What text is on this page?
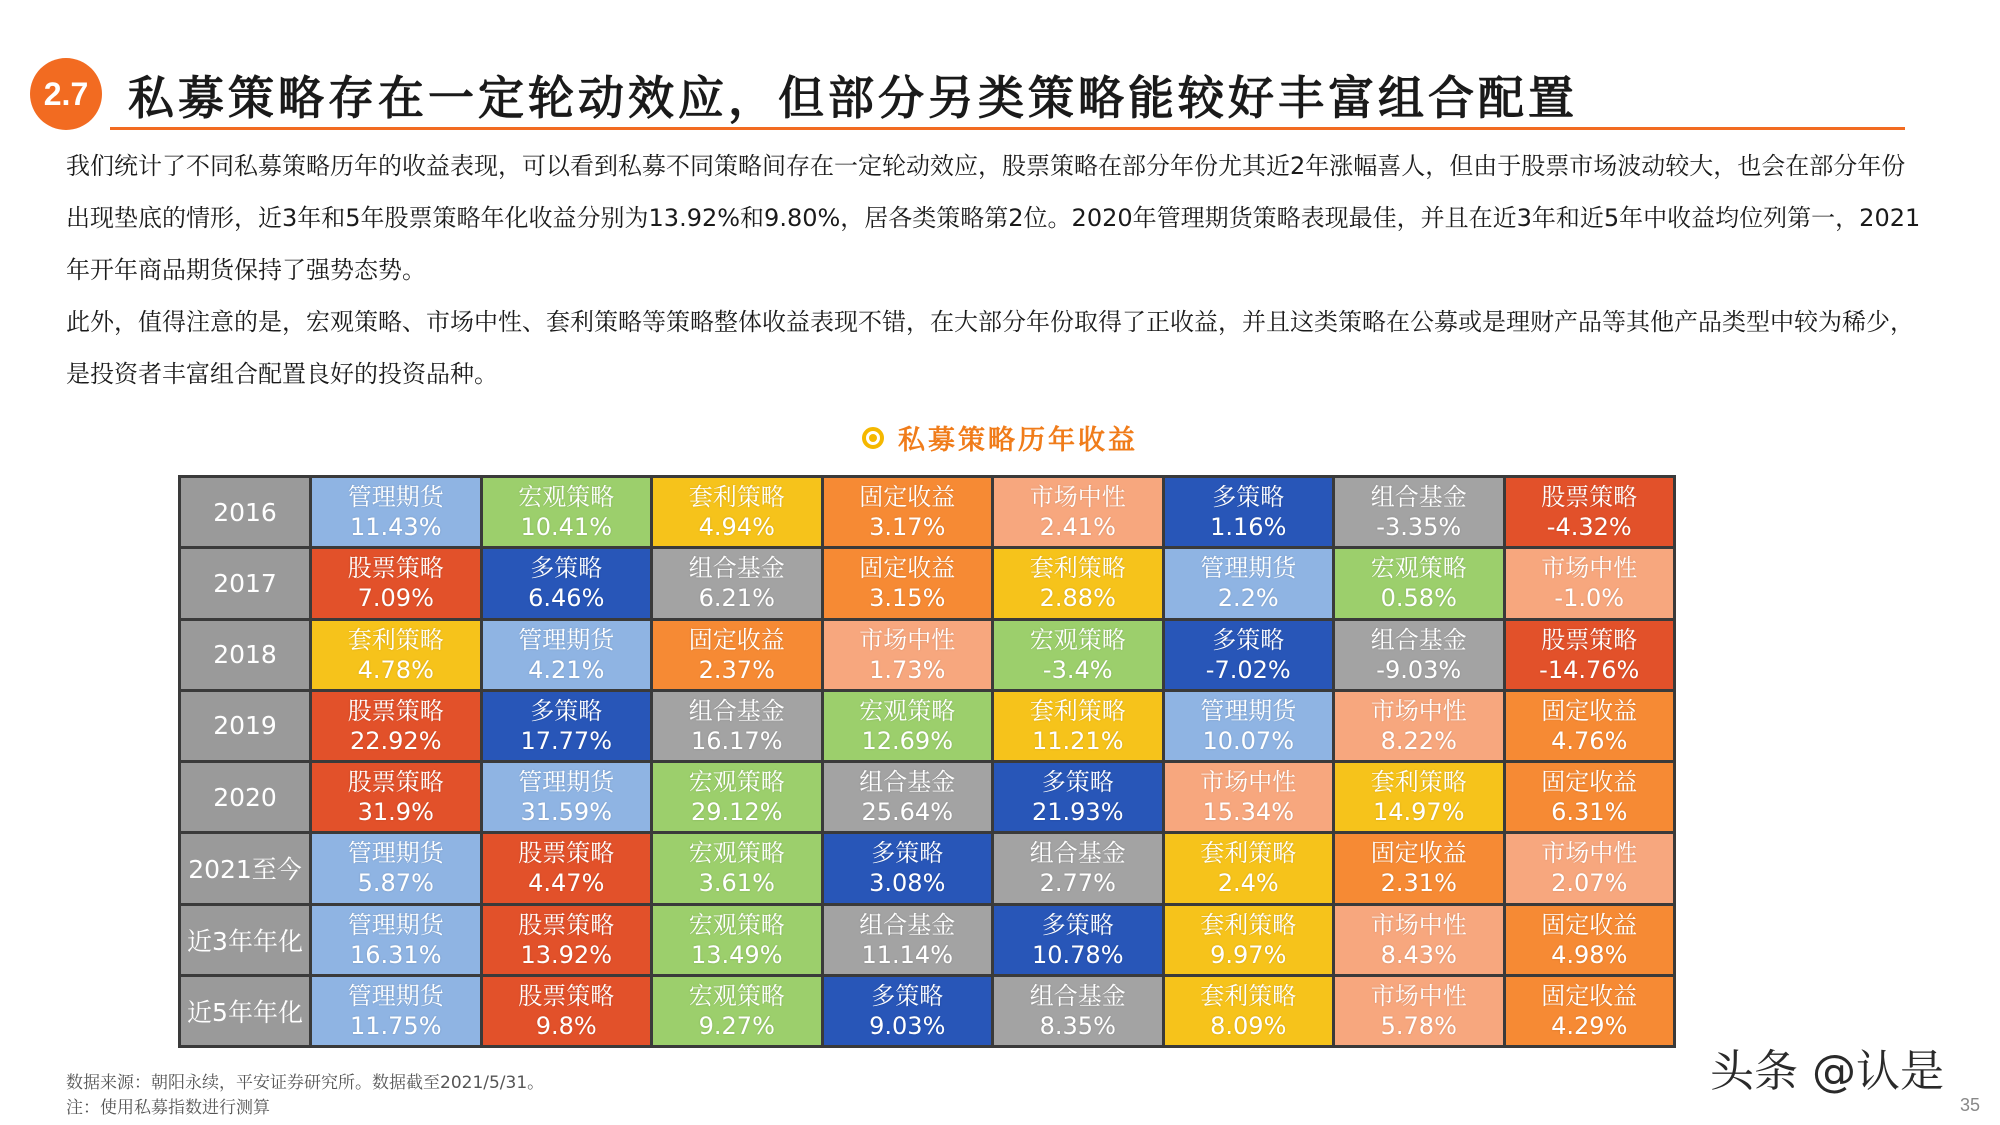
2.7 私募策略存在一定轮动效应，但部分另类策略能较好丰富组合配置

我们统计了不同私募策略历年的收益表现，可以看到私募不同策略间存在一定轮动效应，股票策略在部分年份尤其近2年涨幅喜人，但由于股票市场波动较大，也会在部分年份出现垫底的情形，近3年和5年股票策略年化收益分别为13.92%和9.80%，居各类策略第2位。2020年管理期货策略表现最佳，并且在近3年和近5年中收益均位列第一，2021年开年商品期货保持了强势态势。

此外，值得注意的是，宏观策略、市场中性、套利策略等策略整体收益表现不错，在大部分年份取得了正收益，并且这类策略在公募或是理财产品等其他产品类型中较为稀少，是投资者丰富组合配置良好的投资品种。

私募策略历年收益
2016
管理期货
11.43%
宏观策略
10.41%
套利策略
4.94%
固定收益
3.17%
市场中性
2.41%
多策略
1.16%
组合基金
-3.35%
股票策略
-4.32%
2017
股票策略
7.09%
多策略
6.46%
组合基金
6.21%
固定收益
3.15%
套利策略
2.88%
管理期货
2.2%
宏观策略
0.58%
市场中性
-1.0%
2018
套利策略
4.78%
管理期货
4.21%
固定收益
2.37%
市场中性
1.73%
宏观策略
-3.4%
多策略
-7.02%
组合基金
-9.03%
股票策略
-14.76%
2019
股票策略
22.92%
多策略
17.77%
组合基金
16.17%
宏观策略
12.69%
套利策略
11.21%
管理期货
10.07%
市场中性
8.22%
固定收益
4.76%
2020
股票策略
31.9%
管理期货
31.59%
宏观策略
29.12%
组合基金
25.64%
多策略
21.93%
市场中性
15.34%
套利策略
14.97%
固定收益
6.31%
2021至今
管理期货
5.87%
股票策略
4.47%
宏观策略
3.61%
多策略
3.08%
组合基金
2.77%
套利策略
2.4%
固定收益
2.31%
市场中性
2.07%
近3年年化
管理期货
16.31%
股票策略
13.92%
宏观策略
13.49%
组合基金
11.14%
多策略
10.78%
套利策略
9.97%
市场中性
8.43%
固定收益
4.98%
近5年年化
管理期货
11.75%
股票策略
9.8%
宏观策略
9.27%
多策略
9.03%
组合基金
8.35%
套利策略
8.09%
市场中性
5.78%
固定收益
4.29%
数据来源：朝阳永续，平安证券研究所。数据截至2021/5/31。
注：使用私募指数进行测算
头条 @认是
35
